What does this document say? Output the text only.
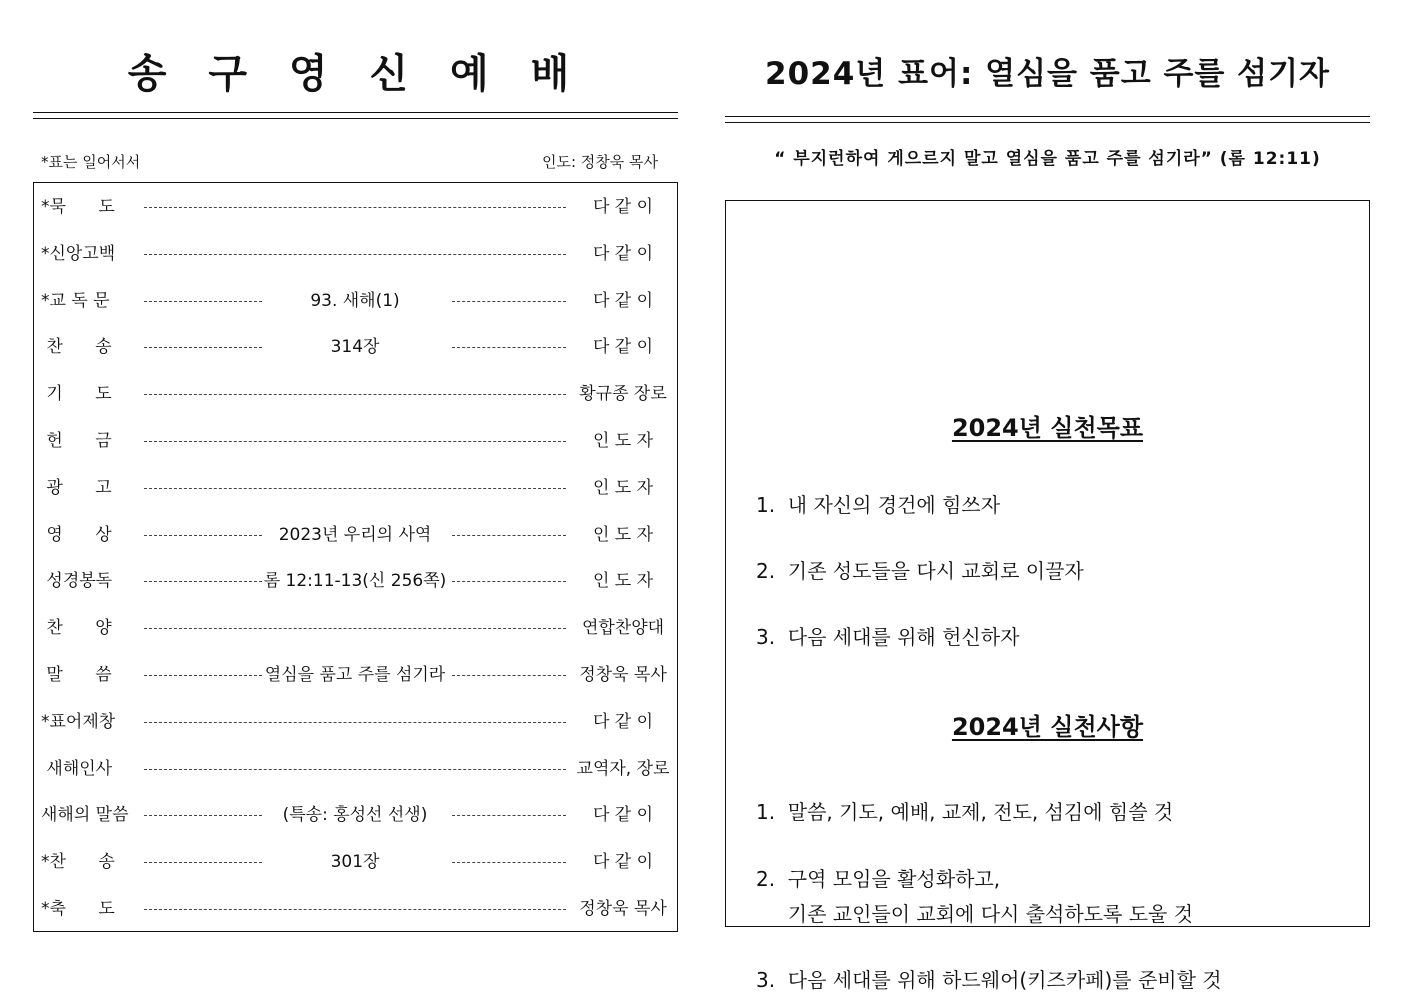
송 구 영 신 예 배
*표는 일어서서	인도: 정창욱 목사
*묵      도	다 같 이
*신앙고백	다 같 이
*교 독 문	93. 새해(1)	다 같 이
찬      송	314장	다 같 이
기      도	황규종 장로
헌      금	인 도 자
광      고	인 도 자
영      상	2023년 우리의 사역	인 도 자
성경봉독	롬 12:11-13(신 256쪽)	인 도 자
찬      양	연합찬양대
말      씀	열심을 품고 주를 섬기라	정창욱 목사
*표어제창	다 같 이
새해인사	교역자, 장로
새해의 말씀	(특송: 홍성선 선생)	다 같 이
*찬      송	301장	다 같 이
*축      도	정창욱 목사
2024년 표어: 열심을 품고 주를 섬기자
“ 부지런하여 게으르지 말고 열심을 품고 주를 섬기라” (롬 12:11)
2024년 실천목표
1.  내 자신의 경건에 힘쓰자
2.  기존 성도들을 다시 교회로 이끌자
3.  다음 세대를 위해 헌신하자
2024년 실천사항
1.  말씀, 기도, 예배, 교제, 전도, 섬김에 힘쓸 것
2.  구역 모임을 활성화하고,
기존 교인들이 교회에 다시 출석하도록 도울 것
3.  다음 세대를 위해 하드웨어(키즈카페)를 준비할 것
